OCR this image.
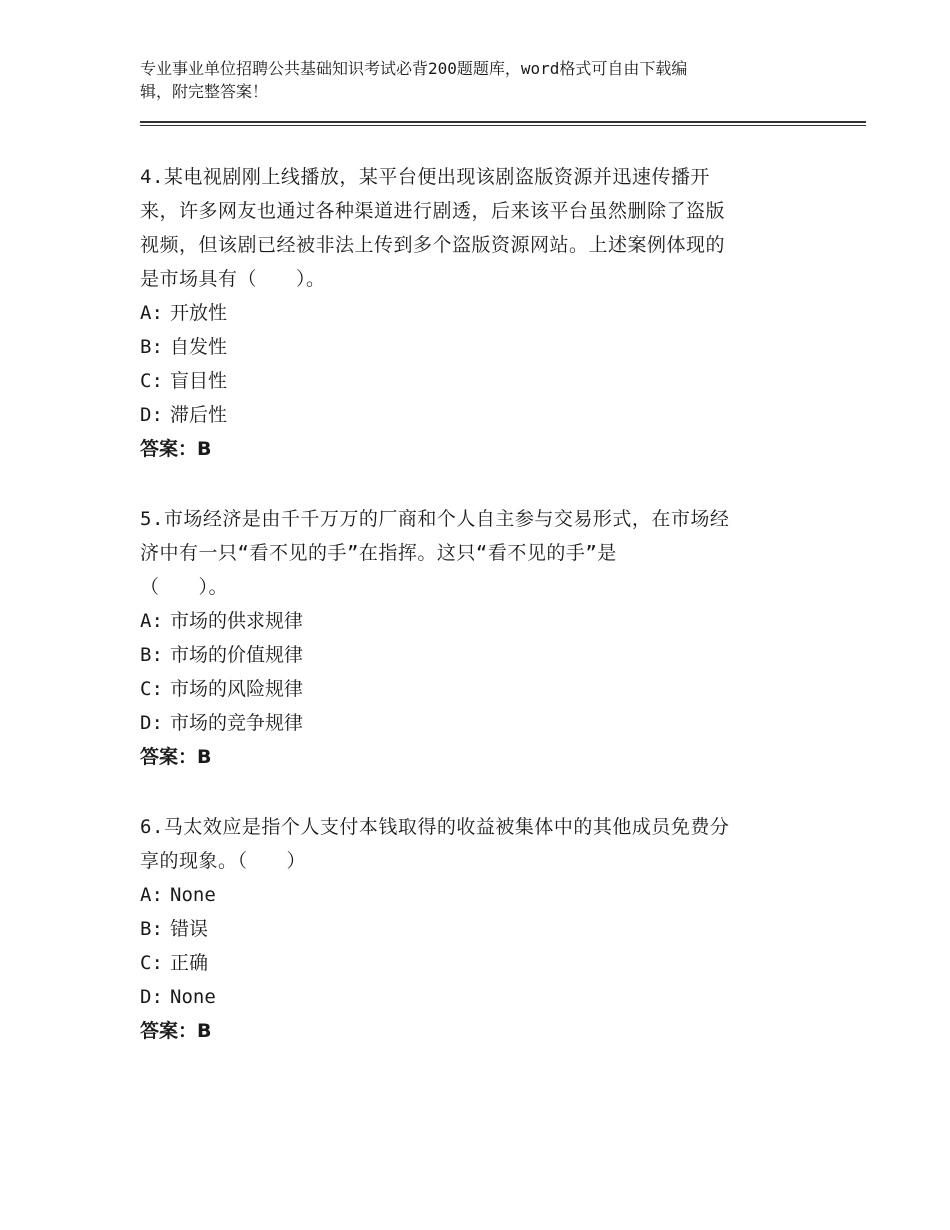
专业事业单位招聘公共基础知识考试必背200题题库，word格式可自由下载编
辑，附完整答案！

4.某电视剧刚上线播放，某平台便出现该剧盗版资源并迅速传播开

来，许多网友也通过各种渠道进行剧透，后来该平台虽然删除了盗版

视频，但该剧已经被非法上传到多个盗版资源网站。上述案例体现的

是市场具有（　　）。

A: 开放性

B: 自发性

C: 盲目性

D: 滞后性

答案：B

5.市场经济是由千千万万的厂商和个人自主参与交易形式，在市场经

济中有一只“看不见的手”在指挥。这只“看不见的手”是

（　　）。

A: 市场的供求规律

B: 市场的价值规律

C: 市场的风险规律

D: 市场的竞争规律

答案：B

6.马太效应是指个人支付本钱取得的收益被集体中的其他成员免费分

享的现象。（　　）

A: None

B: 错误

C: 正确

D: None

答案：B
